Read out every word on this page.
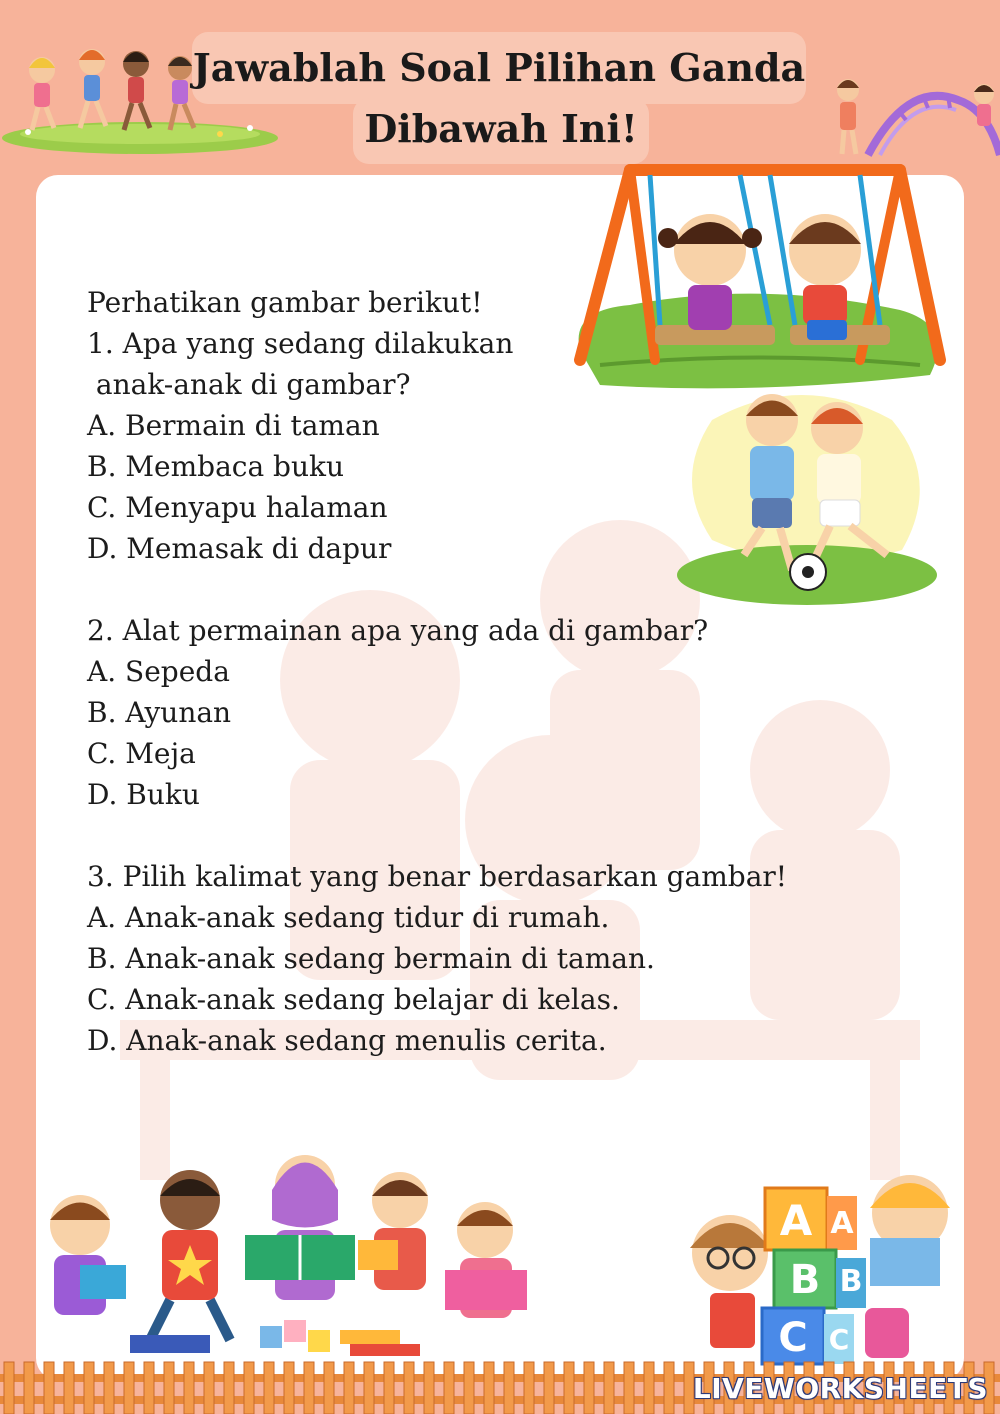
Jawablah Soal Pilihan Ganda
Dibawah Ini!
Perhatikan gambar berikut!
1. Apa yang sedang dilakukan
anak-anak di gambar?
A. Bermain di taman
B. Membaca buku
C. Menyapu halaman
D. Memasak di dapur
2. Alat permainan apa yang ada di gambar?
A. Sepeda
B. Ayunan
C. Meja
D. Buku
3. Pilih kalimat yang benar berdasarkan gambar!
A. Anak-anak sedang tidur di rumah.
B. Anak-anak sedang bermain di taman.
C. Anak-anak sedang belajar di kelas.
D. Anak-anak sedang menulis cerita.
A A
B B
C C
LIVEWORKSHEETS
